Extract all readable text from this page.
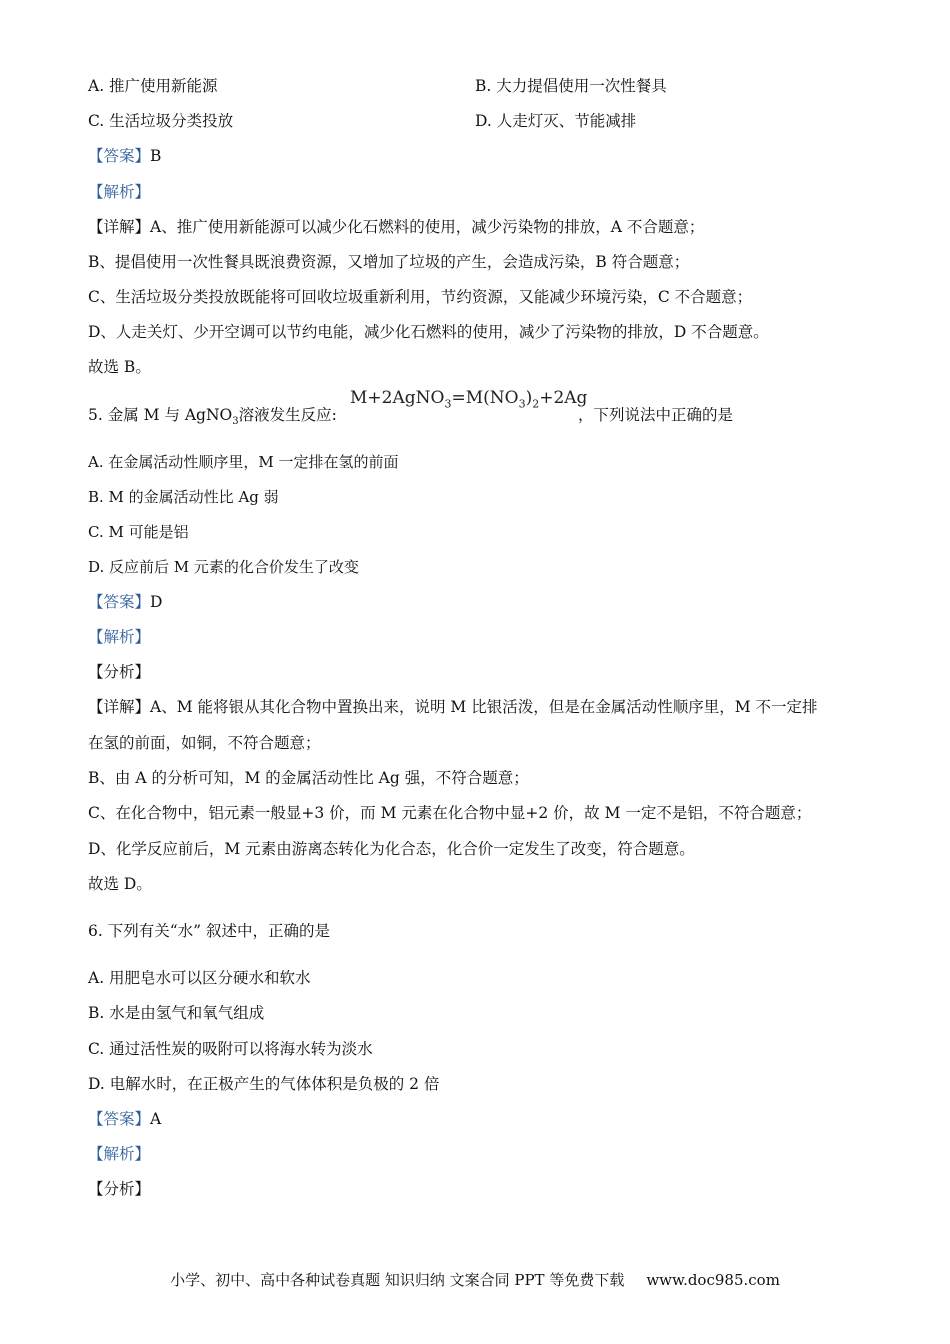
A. 推广使用新能源	B. 大力提倡使用一次性餐具
C. 生活垃圾分类投放	D. 人走灯灭、节能减排
【答案】B
【解析】
【详解】A、推广使用新能源可以减少化石燃料的使用，减少污染物的排放，A 不合题意；
B、提倡使用一次性餐具既浪费资源，又增加了垃圾的产生，会造成污染，B 符合题意；
C、生活垃圾分类投放既能将可回收垃圾重新利用，节约资源，又能减少环境污染，C 不合题意；
D、人走关灯、少开空调可以节约电能，减少化石燃料的使用，减少了污染物的排放，D 不合题意。
故选 B。
5. 金属 M 与 AgNO$_3$溶液发生反应:
$M+2AgNO_3=M(NO_3)_2+2Ag$
，下列说法中正确的是
A. 在金属活动性顺序里，M 一定排在氢的前面
B. M 的金属活动性比 Ag 弱
C. M 可能是铝
D. 反应前后 M 元素的化合价发生了改变
【答案】D
【解析】
【分析】
【详解】A、M 能将银从其化合物中置换出来，说明 M 比银活泼，但是在金属活动性顺序里，M 不一定排
在氢的前面，如铜，不符合题意；
B、由 A 的分析可知，M 的金属活动性比 Ag 强，不符合题意；
C、在化合物中，铝元素一般显+3 价，而 M 元素在化合物中显+2 价，故 M 一定不是铝，不符合题意；
D、化学反应前后，M 元素由游离态转化为化合态，化合价一定发生了改变，符合题意。
故选 D。
6. 下列有关“水” 叙述中，正确的是
A. 用肥皂水可以区分硬水和软水
B. 水是由氢气和氧气组成
C. 通过活性炭的吸附可以将海水转为淡水
D. 电解水时，在正极产生的气体体积是负极的 2 倍
【答案】A
【解析】
【分析】
小学、初中、高中各种试卷真题 知识归纳 文案合同 PPT 等免费下载 www.doc985.com
